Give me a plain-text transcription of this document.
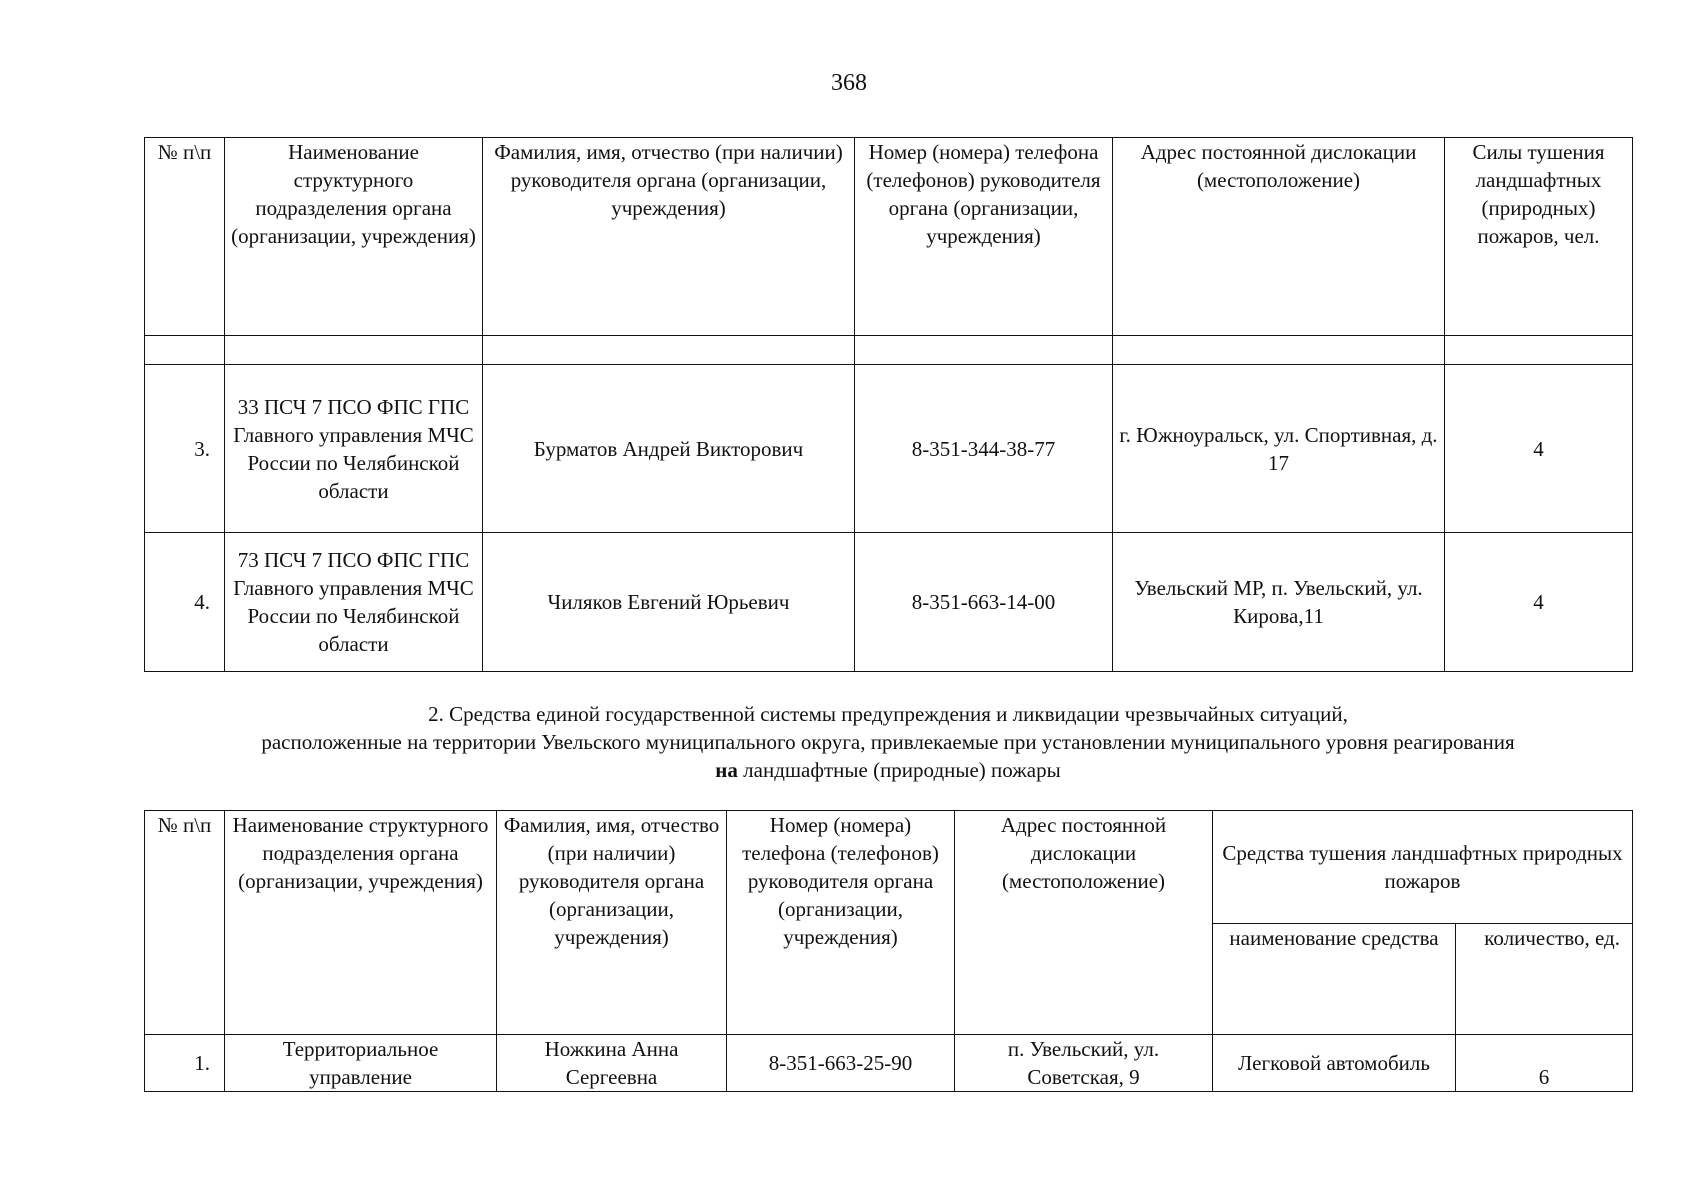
368
№ п\п	Наименование структурного подразделения органа (организации, учреждения)	Фамилия, имя, отчество (при наличии) руководителя органа (организации, учреждения)	Номер (номера) телефона (телефонов) руководителя органа (организации, учреждения)	Адрес постоянной дислокации (местоположение)	Силы тушения ландшафтных (природных) пожаров, чел.

3.	33 ПСЧ 7 ПСО ФПС ГПС Главного управления МЧС России по Челябинской области	Бурматов Андрей Викторович	8-351-344-38-77	г. Южноуральск, ул. Спортивная, д. 17	4
4.	73 ПСЧ 7 ПСО ФПС ГПС Главного управления МЧС России по Челябинской области	Чиляков Евгений Юрьевич	8-351-663-14-00	Увельский МР, п. Увельский, ул. Кирова,11	4
2. Средства единой государственной системы предупреждения и ликвидации чрезвычайных ситуаций,
расположенные на территории Увельского муниципального округа, привлекаемые при установлении муниципального уровня реагирования
на ландшафтные (природные) пожары
№ п\п	Наименование структурного подразделения органа (организации, учреждения)	Фамилия, имя, отчество (при наличии) руководителя органа (организации, учреждения)	Номер (номера) телефона (телефонов) руководителя органа (организации, учреждения)	Адрес постоянной дислокации (местоположение)	Средства тушения ландшафтных природных пожаров	
					наименование средства	количество, ед.
1.	Территориальное управление	Ножкина Анна Сергеевна	8-351-663-25-90	п. Увельский, ул. Советская, 9	Легковой автомобиль	6
